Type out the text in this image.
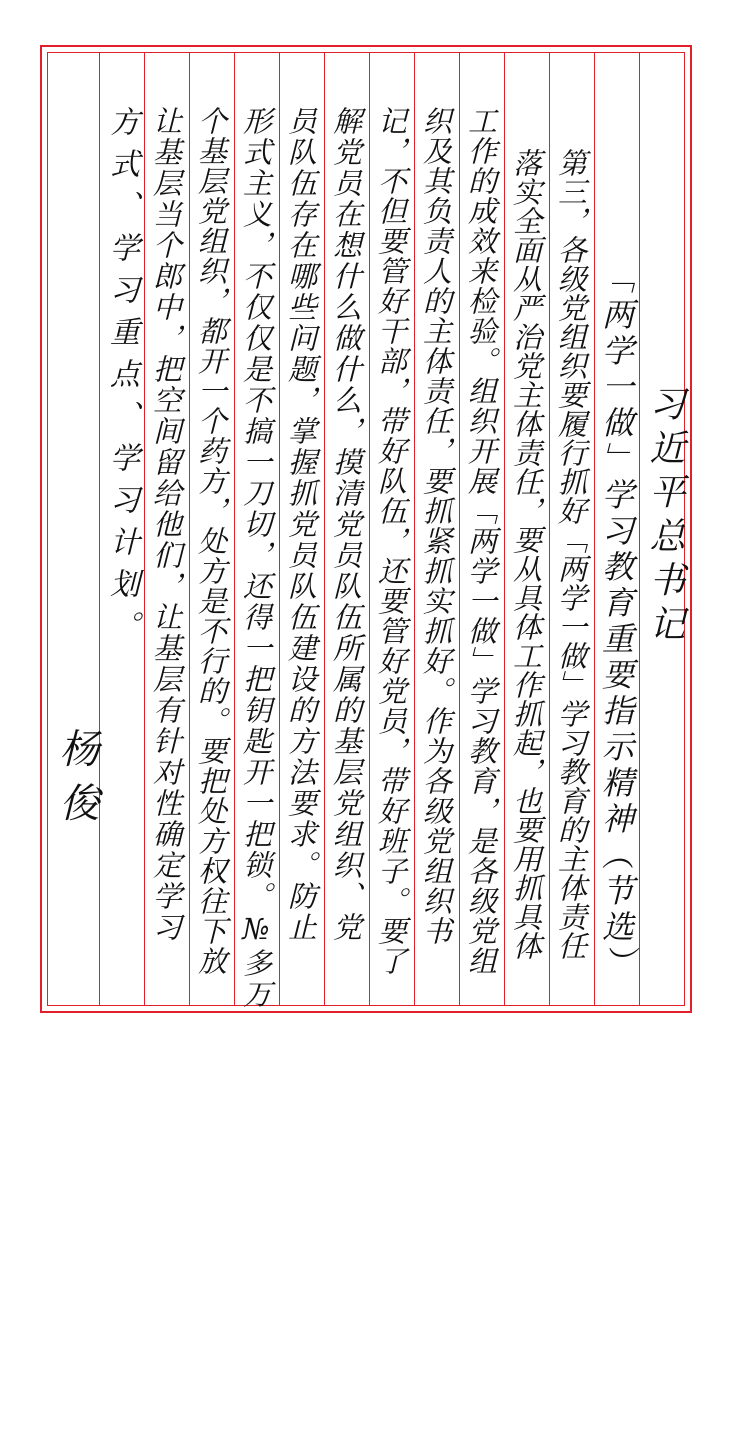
习近平总书记
「两学一做」学习教育重要指示精神（节选）
第三，各级党组织要履行抓好「两学一做」学习教育的主体责任
落实全面从严治党主体责任，要从具体工作抓起，也要用抓具体
工作的成效来检验。组织开展「两学一做」学习教育，是各级党组
织及其负责人的主体责任，要抓紧抓实抓好。作为各级党组织书
记，不但要管好干部，带好队伍，还要管好党员，带好班子。要了
解党员在想什么做什么，摸清党员队伍所属的基层党组织、党
员队伍存在哪些问题，掌握抓党员队伍建设的方法要求。防止
形式主义，不仅仅是不搞一刀切，还得一把钥匙开一把锁。№多万
个基层党组织，都开一个药方，处方是不行的。要把处方权往下放
让基层当个郎中，把空间留给他们，让基层有针对性确定学习
方式、学习重点、学习计划。
杨俊
